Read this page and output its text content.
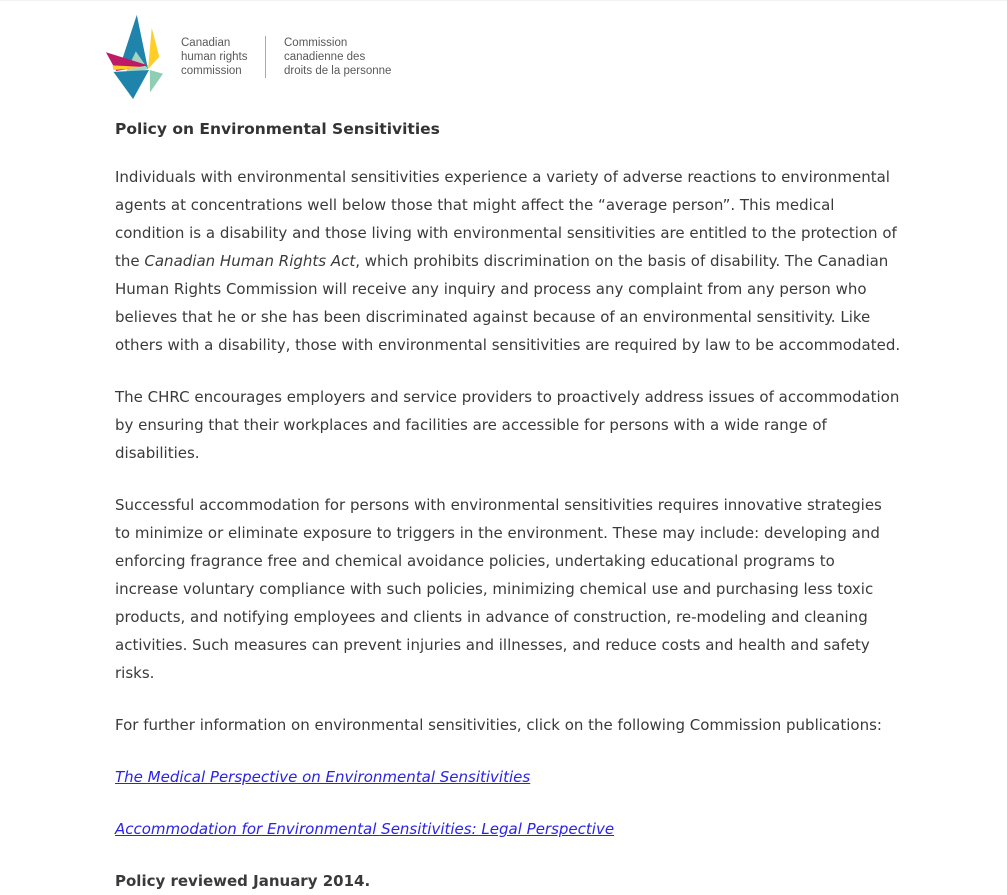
Canadian
human rights
commission
Commission
canadienne des
droits de la personne
Policy on Environmental Sensitivities

Individuals with environmental sensitivities experience a variety of adverse reactions to environmental agents at concentrations well below those that might affect the “average person”. This medical condition is a disability and those living with environmental sensitivities are entitled to the protection of the Canadian Human Rights Act, which prohibits discrimination on the basis of disability. The Canadian Human Rights Commission will receive any inquiry and process any complaint from any person who believes that he or she has been discriminated against because of an environmental sensitivity. Like others with a disability, those with environmental sensitivities are required by law to be accommodated.

The CHRC encourages employers and service providers to proactively address issues of accommodation by ensuring that their workplaces and facilities are accessible for persons with a wide range of disabilities.

Successful accommodation for persons with environmental sensitivities requires innovative strategies to minimize or eliminate exposure to triggers in the environment. These may include: developing and enforcing fragrance free and chemical avoidance policies, undertaking educational programs to increase voluntary compliance with such policies, minimizing chemical use and purchasing less toxic products, and notifying employees and clients in advance of construction, re-modeling and cleaning activities. Such measures can prevent injuries and illnesses, and reduce costs and health and safety risks.

For further information on environmental sensitivities, click on the following Commission publications:

The Medical Perspective on Environmental Sensitivities

Accommodation for Environmental Sensitivities: Legal Perspective

Policy reviewed January 2014.
